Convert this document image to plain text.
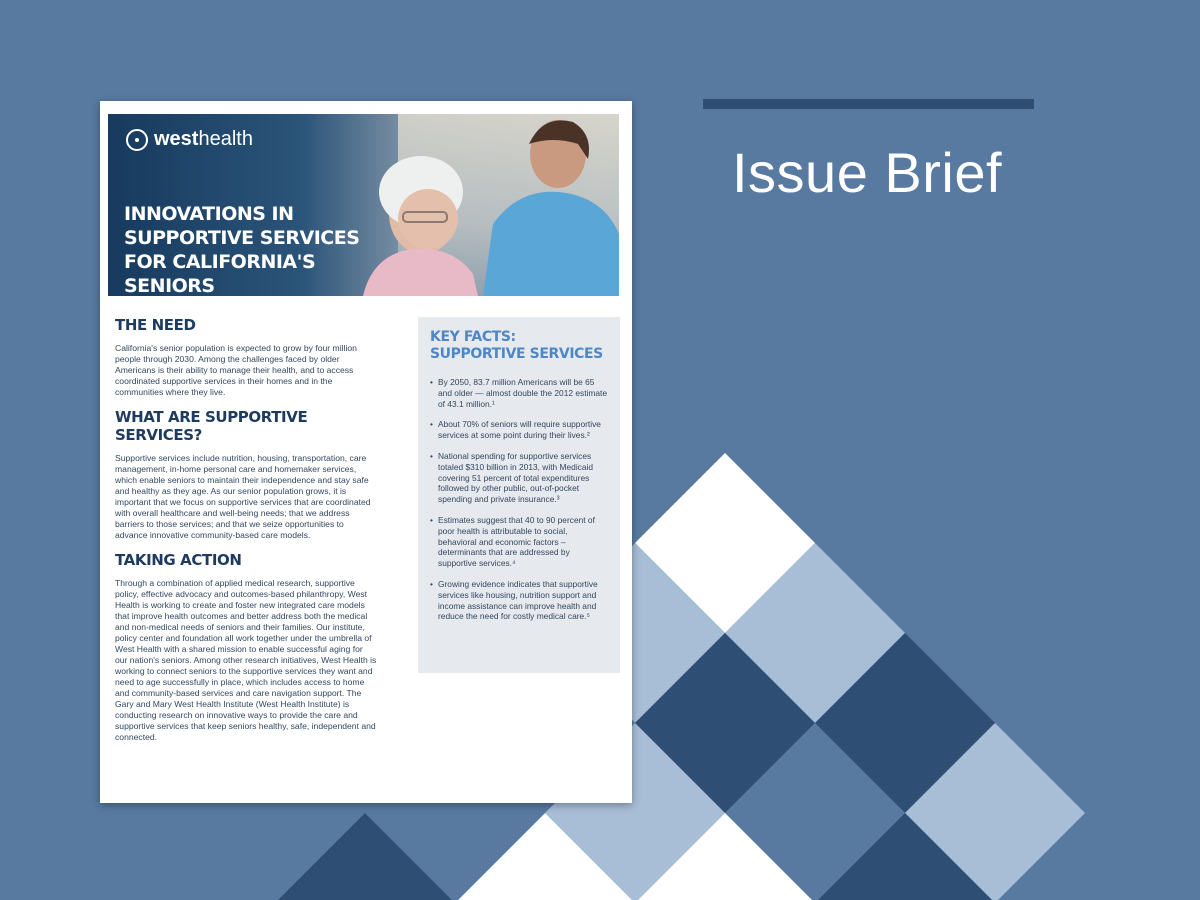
Issue Brief
west health
INNOVATIONS IN SUPPORTIVE SERVICES FOR CALIFORNIA'S SENIORS
THE NEED

California's senior population is expected to grow by four million people through 2030. Among the challenges faced by older Americans is their ability to manage their health, and to access coordinated supportive services in their homes and in the communities where they live.

WHAT ARE SUPPORTIVE SERVICES?

Supportive services include nutrition, housing, transportation, care management, in-home personal care and homemaker services, which enable seniors to maintain their independence and stay safe and healthy as they age. As our senior population grows, it is important that we focus on supportive services that are coordinated with overall healthcare and well-being needs; that we address barriers to those services; and that we seize opportunities to advance innovative community-based care models.

TAKING ACTION

Through a combination of applied medical research, supportive policy, effective advocacy and outcomes-based philanthropy, West Health is working to create and foster new integrated care models that improve health outcomes and better address both the medical and non-medical needs of seniors and their families. Our institute, policy center and foundation all work together under the umbrella of West Health with a shared mission to enable successful aging for our nation's seniors. Among other research initiatives, West Health is working to connect seniors to the supportive services they want and need to age successfully in place, which includes access to home and community-based services and care navigation support. The Gary and Mary West Health Institute (West Health Institute) is conducting research on innovative ways to provide the care and supportive services that keep seniors healthy, safe, independent and connected.

KEY FACTS:
SUPPORTIVE SERVICES
• By 2050, 83.7 million Americans will be 65 and older — almost double the 2012 estimate of 43.1 million.¹
• About 70% of seniors will require supportive services at some point during their lives.²
• National spending for supportive services totaled $310 billion in 2013, with Medicaid covering 51 percent of total expenditures followed by other public, out-of-pocket spending and private insurance.³
• Estimates suggest that 40 to 90 percent of poor health is attributable to social, behavioral and economic factors – determinants that are addressed by supportive services.⁴
• Growing evidence indicates that supportive services like housing, nutrition support and income assistance can improve health and reduce the need for costly medical care.⁵
